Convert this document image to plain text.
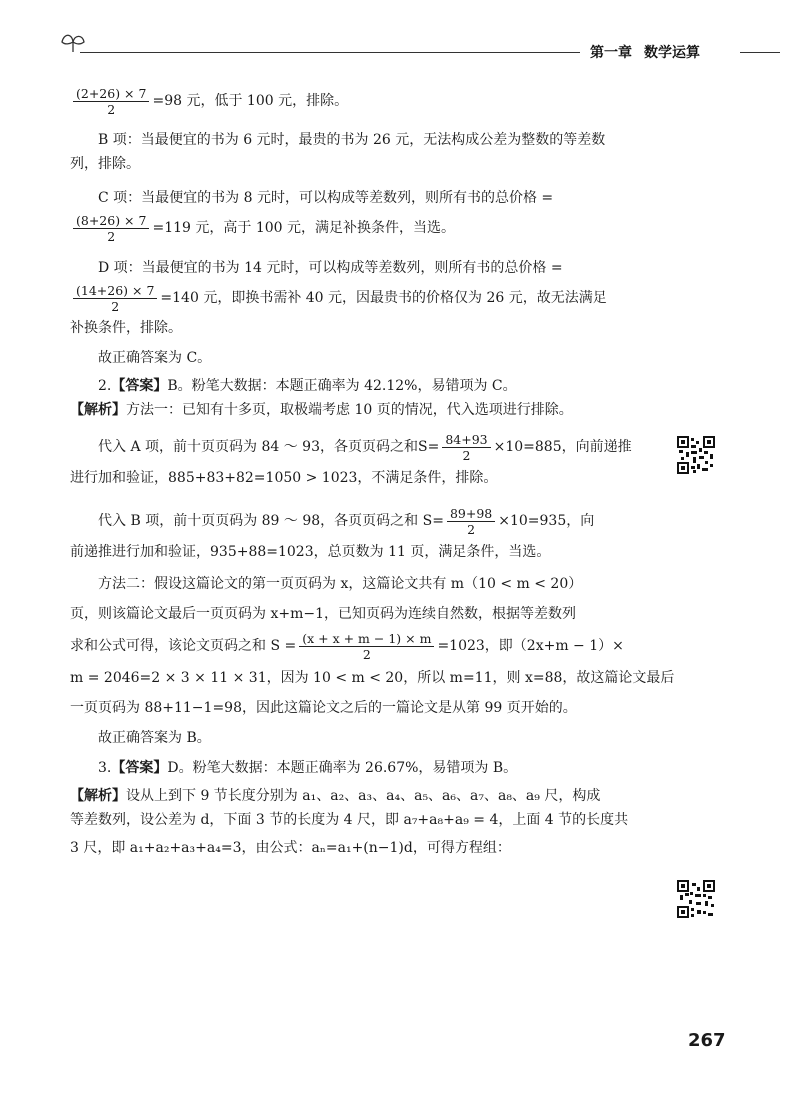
第一章 数学运算
$\frac{(2+26) \times 7}{2} =98$ 元，低于 100 元，排除。
B 项：当最便宜的书为 6 元时，最贵的书为 26 元，无法构成公差为整数的等差数
列，排除。
C 项：当最便宜的书为 8 元时，可以构成等差数列，则所有书的总价格 =
$\frac{(8+26) \times 7}{2} =119$ 元，高于 100 元，满足补换条件，当选。
D 项：当最便宜的书为 14 元时，可以构成等差数列，则所有书的总价格 =
$\frac{(14+26) \times 7}{2} =140$ 元，即换书需补 40 元，因最贵书的价格仅为 26 元，故无法满足
补换条件，排除。
故正确答案为 C。
2.【答案】B。粉笔大数据：本题正确率为 42.12%，易错项为 C。
【解析】方法一：已知有十多页，取极端考虑 10 页的情况，代入选项进行排除。
代入 A 项，前十页页码为 84 ～ 93，各页页码之和$S= \frac{84+93}{2} \times 10=885$，向前递推
进行加和验证，885+83+82=1050 > 1023，不满足条件，排除。
代入 B 项，前十页页码为 89 ～ 98，各页页码之和 $S= \frac{89+98}{2} \times 10=935$，向
前递推进行加和验证，935+88=1023，总页数为 11 页，满足条件，当选。
方法二：假设这篇论文的第一页页码为 x，这篇论文共有 m（10 < m < 20）
页，则该篇论文最后一页页码为 x+m−1，已知页码为连续自然数，根据等差数列
求和公式可得，该论文页码之和 $S = \frac{(x + x + m - 1) \times m}{2} =1023$，即（2x+m − 1）×
m = 2046=2 × 3 × 11 × 31，因为 10 < m < 20，所以 m=11，则 x=88，故这篇论文最后
一页页码为 88+11−1=98，因此这篇论文之后的一篇论文是从第 99 页开始的。
故正确答案为 B。
3.【答案】D。粉笔大数据：本题正确率为 26.67%，易错项为 B。
【解析】设从上到下 9 节长度分别为 a₁、a₂、a₃、a₄、a₅、a₆、a₇、a₈、a₉ 尺，构成
等差数列，设公差为 d，下面 3 节的长度为 4 尺，即 a₇+a₈+a₉ = 4，上面 4 节的长度共
3 尺，即 a₁+a₂+a₃+a₄=3，由公式：aₙ=a₁+(n−1)d，可得方程组：
267
